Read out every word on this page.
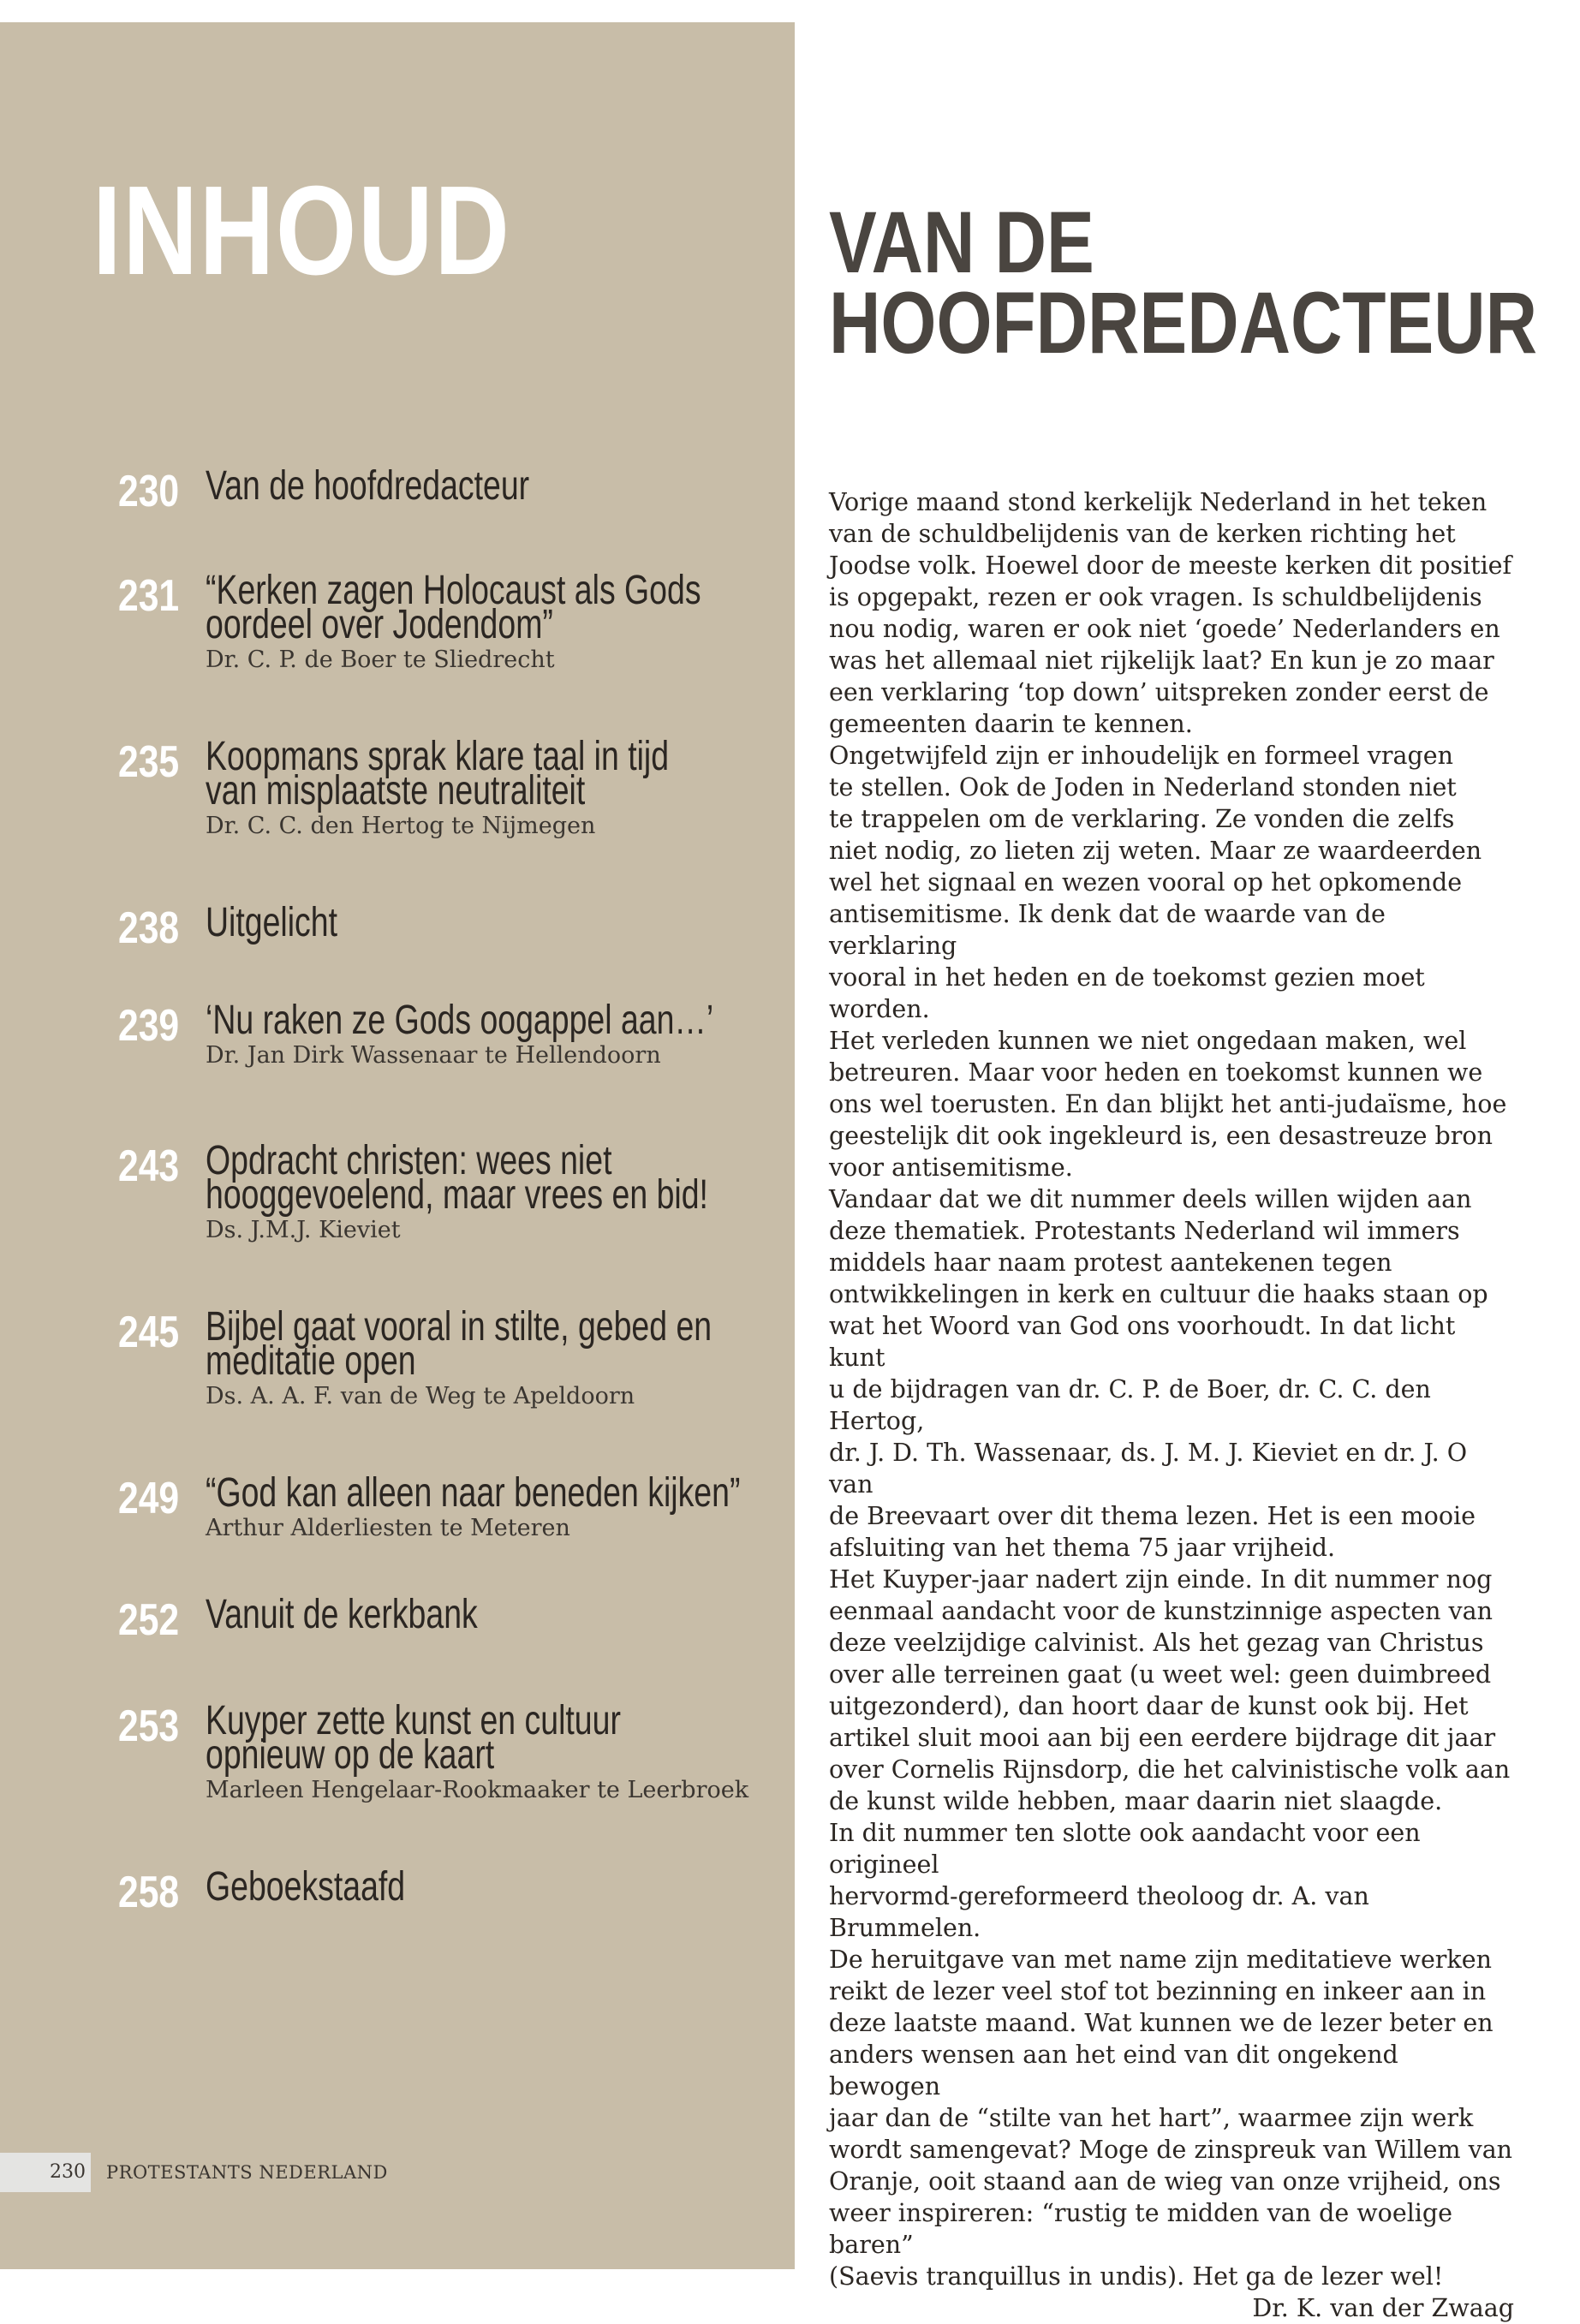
INHOUD
230 Van de hoofdredacteur
231 “Kerken zagen Holocaust als Gods
oordeel over Jodendom”
Dr. C. P. de Boer te Sliedrecht
235 Koopmans sprak klare taal in tijd
van misplaatste neutraliteit
Dr. C. C. den Hertog te Nijmegen
238 Uitgelicht
239 ‘Nu raken ze Gods oogappel aan…’
Dr. Jan Dirk Wassenaar te Hellendoorn
243 Opdracht christen: wees niet
hooggevoelend, maar vrees en bid!
Ds. J.M.J. Kieviet
245 Bijbel gaat vooral in stilte, gebed en
meditatie open
Ds. A. A. F. van de Weg te Apeldoorn
249 “God kan alleen naar beneden kijken”
Arthur Alderliesten te Meteren
252 Vanuit de kerkbank
253 Kuyper zette kunst en cultuur
opnieuw op de kaart
Marleen Hengelaar-Rookmaaker te Leerbroek
258 Geboekstaafd
230 PROTESTANTS NEDERLAND
VAN DE
HOOFDREDACTEUR
Vorige maand stond kerkelijk Nederland in het teken
van de schuldbelijdenis van de kerken richting het
Joodse volk. Hoewel door de meeste kerken dit positief
is opgepakt, rezen er ook vragen. Is schuldbelijdenis
nou nodig, waren er ook niet ‘goede’ Nederlanders en
was het allemaal niet rijkelijk laat? En kun je zo maar
een verklaring ‘top down’ uitspreken zonder eerst de
gemeenten daarin te kennen.
Ongetwijfeld zijn er inhoudelijk en formeel vragen
te stellen. Ook de Joden in Nederland stonden niet
te trappelen om de verklaring. Ze vonden die zelfs
niet nodig, zo lieten zij weten. Maar ze waardeerden
wel het signaal en wezen vooral op het opkomende
antisemitisme. Ik denk dat de waarde van de verklaring
vooral in het heden en de toekomst gezien moet worden.
Het verleden kunnen we niet ongedaan maken, wel
betreuren. Maar voor heden en toekomst kunnen we
ons wel toerusten. En dan blijkt het anti-judaïsme, hoe
geestelijk dit ook ingekleurd is, een desastreuze bron
voor antisemitisme.
Vandaar dat we dit nummer deels willen wijden aan
deze thematiek. Protestants Nederland wil immers
middels haar naam protest aantekenen tegen
ontwikkelingen in kerk en cultuur die haaks staan op
wat het Woord van God ons voorhoudt. In dat licht kunt
u de bijdragen van dr. C. P. de Boer, dr. C. C. den Hertog,
dr. J. D. Th. Wassenaar, ds. J. M. J. Kieviet en dr. J. O van
de Breevaart over dit thema lezen. Het is een mooie
afsluiting van het thema 75 jaar vrijheid.
Het Kuyper-jaar nadert zijn einde. In dit nummer nog
eenmaal aandacht voor de kunstzinnige aspecten van
deze veelzijdige calvinist. Als het gezag van Christus
over alle terreinen gaat (u weet wel: geen duimbreed
uitgezonderd), dan hoort daar de kunst ook bij. Het
artikel sluit mooi aan bij een eerdere bijdrage dit jaar
over Cornelis Rijnsdorp, die het calvinistische volk aan
de kunst wilde hebben, maar daarin niet slaagde.
In dit nummer ten slotte ook aandacht voor een origineel
hervormd-gereformeerd theoloog dr. A. van Brummelen.
De heruitgave van met name zijn meditatieve werken
reikt de lezer veel stof tot bezinning en inkeer aan in
deze laatste maand. Wat kunnen we de lezer beter en
anders wensen aan het eind van dit ongekend bewogen
jaar dan de “stilte van het hart”, waarmee zijn werk
wordt samengevat? Moge de zinspreuk van Willem van
Oranje, ooit staand aan de wieg van onze vrijheid, ons
weer inspireren: “rustig te midden van de woelige baren”
(Saevis tranquillus in undis). Het ga de lezer wel!
Dr. K. van der Zwaag
